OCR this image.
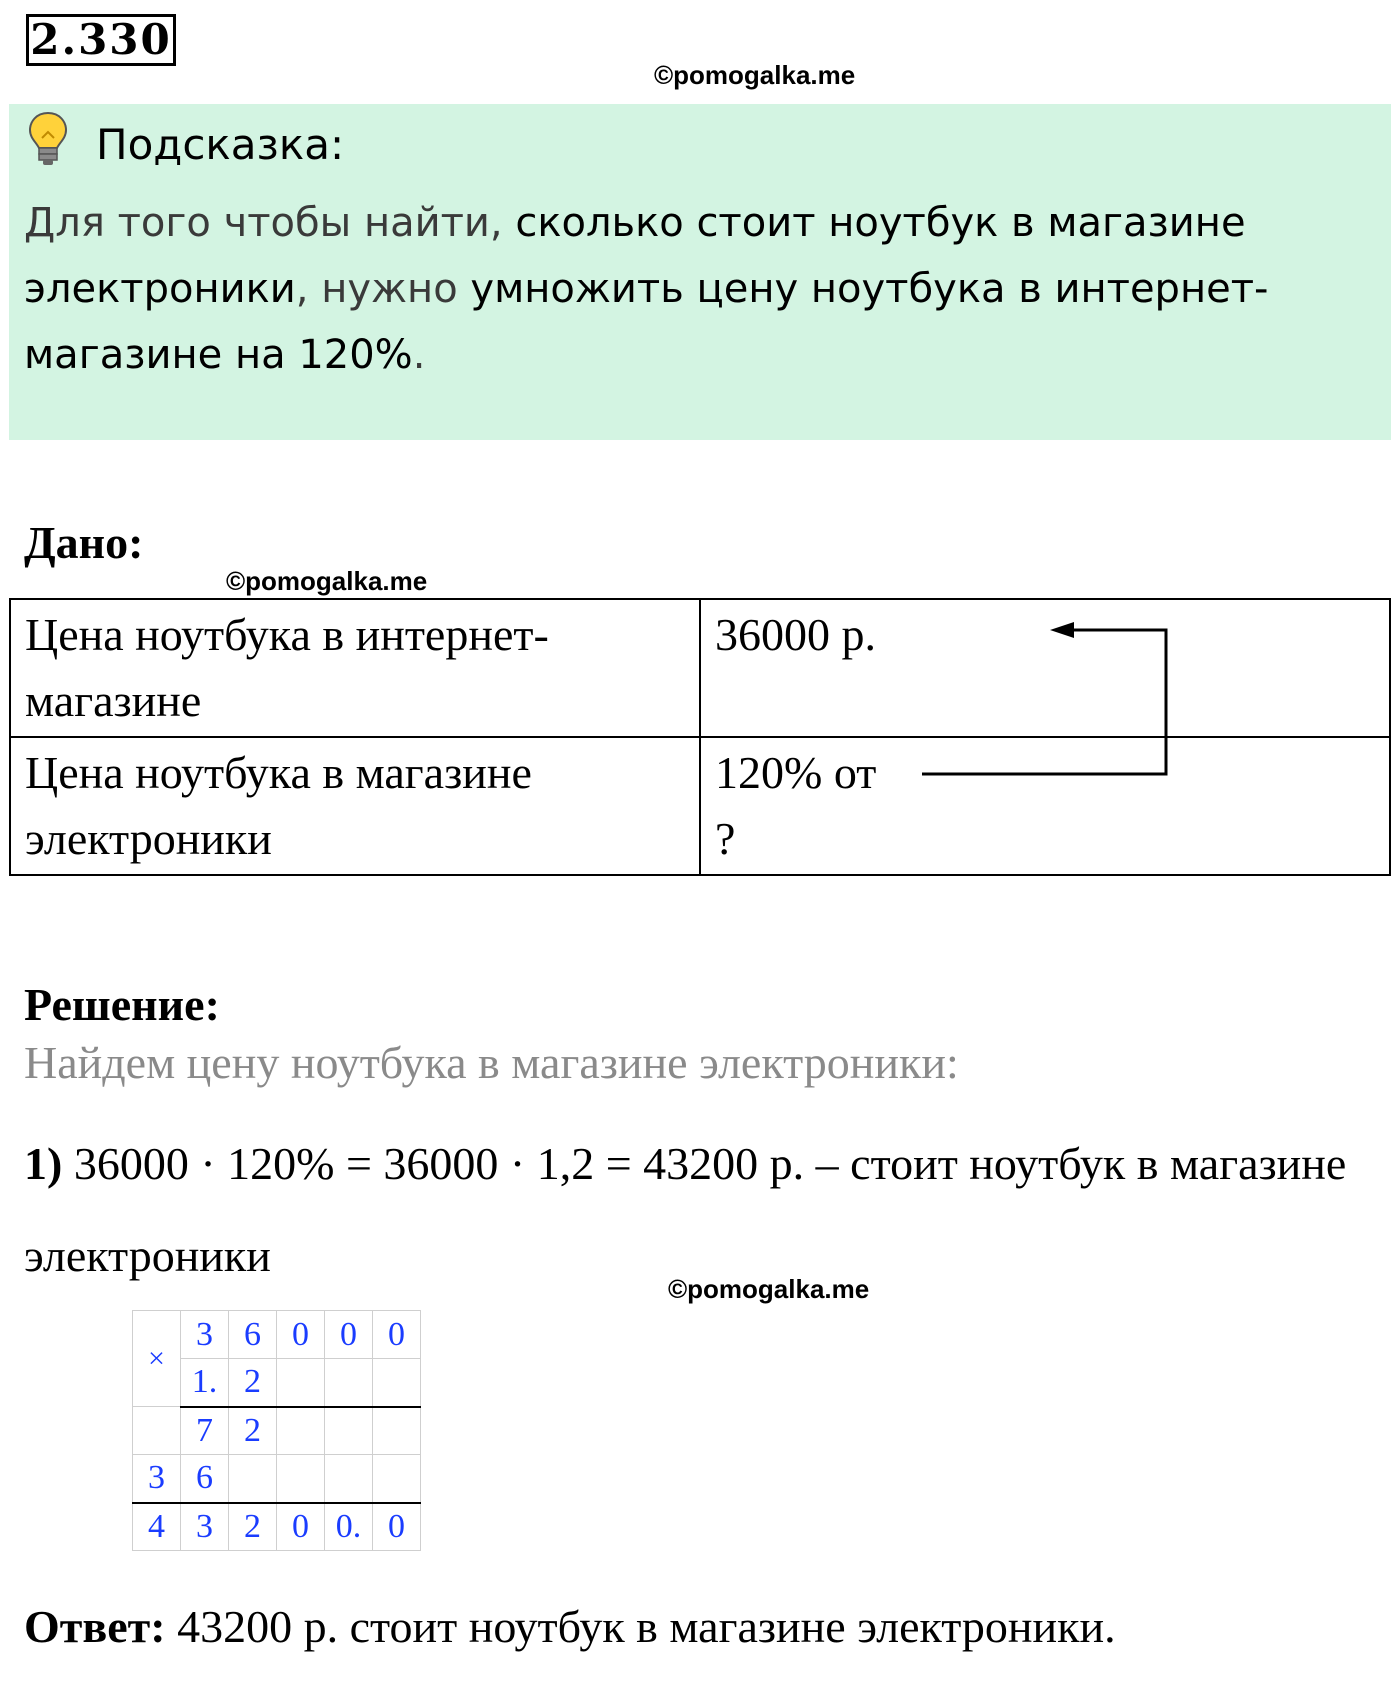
2.330
©pomogalka.me
Подсказка:
Для того чтобы найти, сколько стоит ноутбук в магазине электроники, нужно умножить цену ноутбука в интернет-магазине на 120%.
Дано:
©pomogalka.me
Цена ноутбука в интернет-магазине	36000 р.

Цена ноутбука в магазине электроники	120% от
?
Решение:
Найдем цену ноутбука в магазине электроники:
1) 36000 · 120% = 36000 · 1,2 = 43200 р. – стоит ноутбук в магазине электроники
©pomogalka.me
×	3	6	0	0	0
	1.	2			
	7	2			
3	6				
4	3	2	0	0.	0
Ответ: 43200 р. стоит ноутбук в магазине электроники.
